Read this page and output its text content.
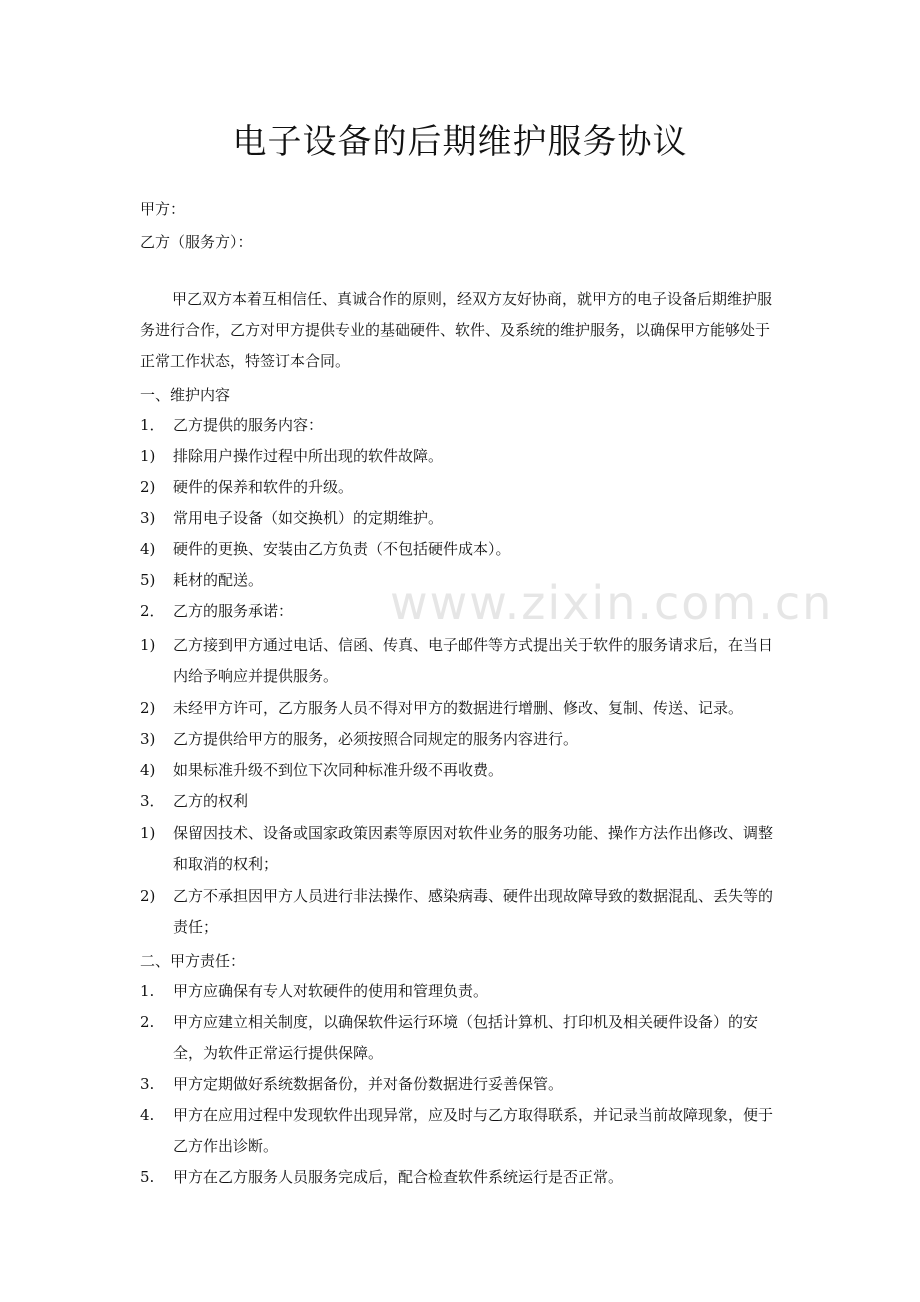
www.zixin.com.cn
电子设备的后期维护服务协议

甲方：

乙方（服务方）：

甲乙双方本着互相信任、真诚合作的原则，经双方友好协商，就甲方的电子设备后期维护服务进行合作，乙方对甲方提供专业的基础硬件、软件、及系统的维护服务，以确保甲方能够处于正常工作状态，特签订本合同。

一、维护内容

1． 乙方提供的服务内容：
1) 排除用户操作过程中所出现的软件故障。
2) 硬件的保养和软件的升级。
3) 常用电子设备（如交换机）的定期维护。
4) 硬件的更换、安装由乙方负责（不包括硬件成本）。
5) 耗材的配送。
2． 乙方的服务承诺：
1) 乙方接到甲方通过电话、信函、传真、电子邮件等方式提出关于软件的服务请求后，在当日内给予响应并提供服务。
2) 未经甲方许可，乙方服务人员不得对甲方的数据进行增删、修改、复制、传送、记录。
3) 乙方提供给甲方的服务，必须按照合同规定的服务内容进行。
4) 如果标准升级不到位下次同种标准升级不再收费。
3． 乙方的权利
1) 保留因技术、设备或国家政策因素等原因对软件业务的服务功能、操作方法作出修改、调整和取消的权利；
2) 乙方不承担因甲方人员进行非法操作、感染病毒、硬件出现故障导致的数据混乱、丢失等的责任；

二、甲方责任：

1. 甲方应确保有专人对软硬件的使用和管理负责。
2. 甲方应建立相关制度，以确保软件运行环境（包括计算机、打印机及相关硬件设备）的安全，为软件正常运行提供保障。
3. 甲方定期做好系统数据备份，并对备份数据进行妥善保管。
4. 甲方在应用过程中发现软件出现异常，应及时与乙方取得联系，并记录当前故障现象，便于乙方作出诊断。
5. 甲方在乙方服务人员服务完成后，配合检查软件系统运行是否正常。
